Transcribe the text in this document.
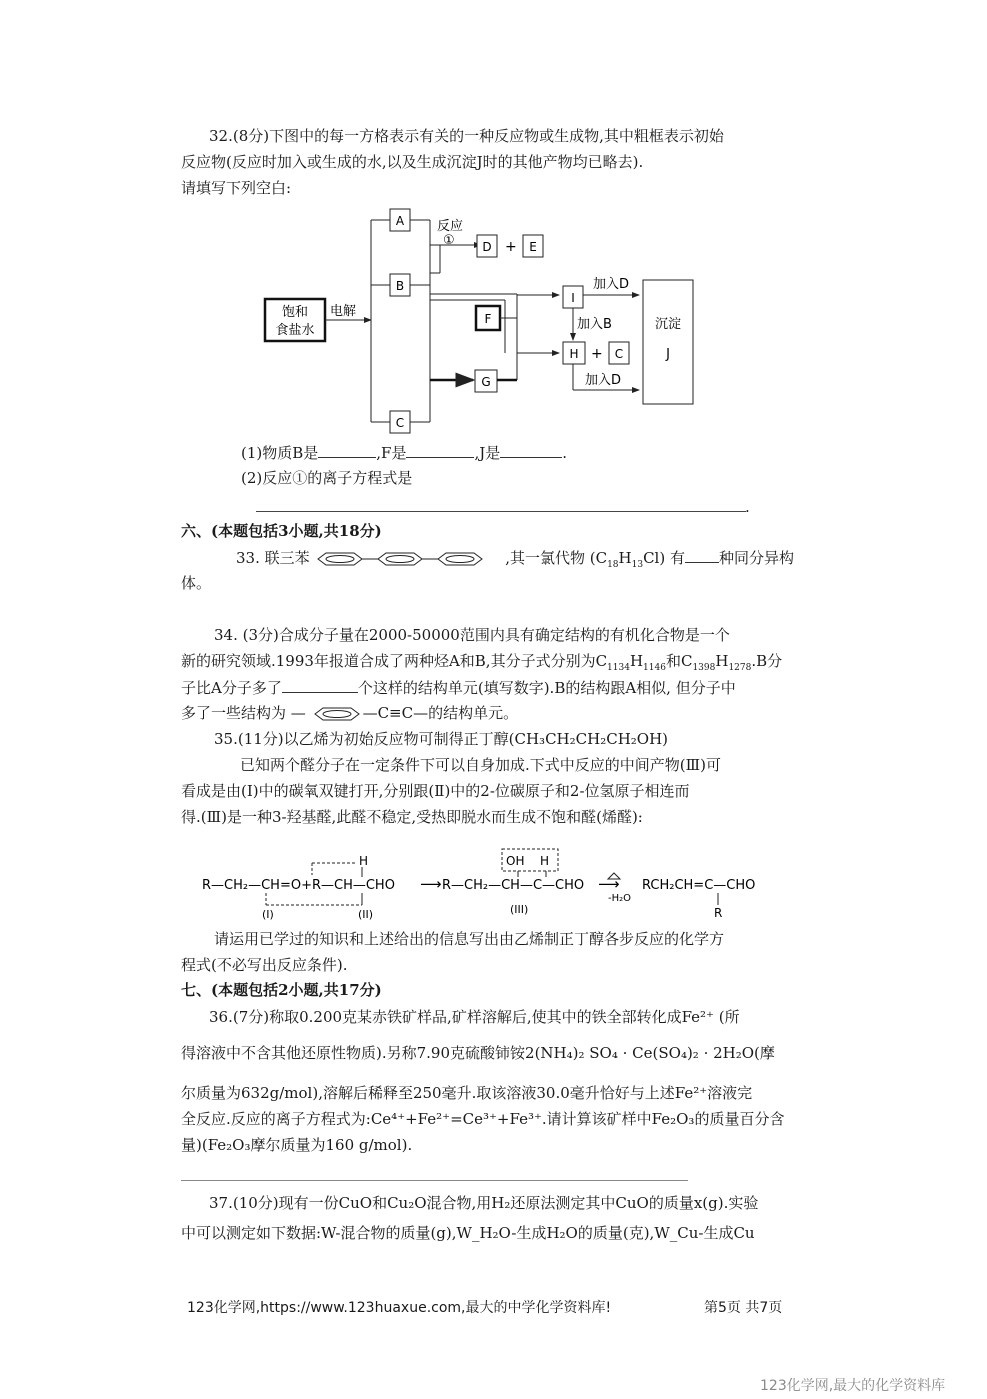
32.(8分)下图中的每一方格表示有关的一种反应物或生成物,其中粗框表示初始
反应物(反应时加入或生成的水,以及生成沉淀J时的其他产物均已略去).
请填写下列空白:
饱和
食盐水
电解
A
B
C
反应
① D + E
F
G
I
加入D
加入B
H + C
加入D
沉淀
J
(1)物质B是	,F是	,J是	.
(2)反应①的离子方程式是
.
六、(本题包括3小题,共18分)
33. 联三苯	,其一氯代物 $(C_{18}H_{13}Cl)$ 有 种同分异构
体。
34. (3分)合成分子量在2000-50000范围内具有确定结构的有机化合物是一个
新的研究领域.1993年报道合成了两种烃A和B,其分子式分别为$C_{1134}H_{1146}$和$C_{1398}H_{1278}.B$分
子比A分子多了	个这样的结构单元(填写数字).B的结构跟A相似, 但分子中
多了一些结构为 —	—C≡C—的结构单元。
35.(11分)以乙烯为初始反应物可制得正丁醇(CH₃CH₂CH₂CH₂OH)
已知两个醛分子在一定条件下可以自身加成.下式中反应的中间产物(Ⅲ)可
看成是由(Ⅰ)中的碳氧双键打开,分别跟(Ⅱ)中的2-位碳原子和2-位氢原子相连而
得.(Ⅲ)是一种3-羟基醛,此醛不稳定,受热即脱水而生成不饱和醛(烯醛):
R—CH₂—CH=O+R—CH—CHO
H
(I)	(II)
⟶ R—CH₂—CH—C—CHO
OH H
(III)
⟶
-H₂O
RCH₂CH=C—CHO
R
请运用已学过的知识和上述给出的信息写出由乙烯制正丁醇各步反应的化学方
程式(不必写出反应条件).
七、(本题包括2小题,共17分)
36.(7分)称取0.200克某赤铁矿样品,矿样溶解后,使其中的铁全部转化成Fe²⁺ (所
得溶液中不含其他还原性物质).另称7.90克硫酸铈铵2(NH₄)₂ SO₄ · Ce(SO₄)₂ · 2H₂O(摩
尔质量为632g/mol),溶解后稀释至250毫升.取该溶液30.0毫升恰好与上述Fe²⁺溶液完
全反应.反应的离子方程式为:Ce⁴⁺+Fe²⁺=Ce³⁺+Fe³⁺.请计算该矿样中Fe₂O₃的质量百分含
量)(Fe₂O₃摩尔质量为160 g/mol).
37.(10分)现有一份CuO和Cu₂O混合物,用H₂还原法测定其中CuO的质量x(g).实验
中可以测定如下数据:W-混合物的质量(g),W_H₂O-生成H₂O的质量(克),W_Cu-生成Cu
123化学网,https://www.123huaxue.com,最大的中学化学资料库!	第5页 共7页
123化学网,最大的化学资料库
